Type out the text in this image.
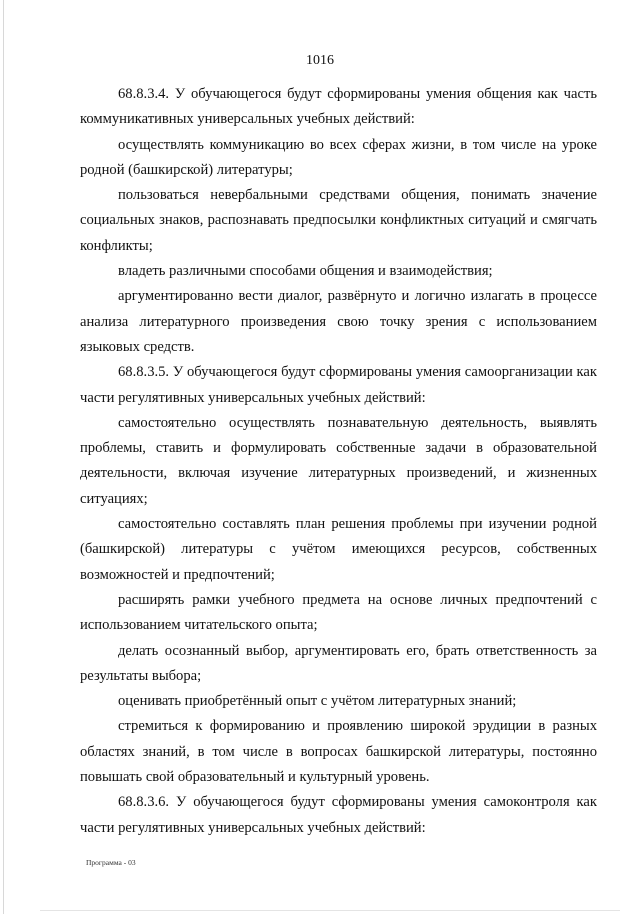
1016

68.8.3.4. У обучающегося будут сформированы умения общения как часть коммуникативных универсальных учебных действий:

осуществлять коммуникацию во всех сферах жизни, в том числе на уроке родной (башкирской) литературы;

пользоваться невербальными средствами общения, понимать значение социальных знаков, распознавать предпосылки конфликтных ситуаций и смягчать конфликты;

владеть различными способами общения и взаимодействия;

аргументированно вести диалог, развёрнуто и логично излагать в процессе анализа литературного произведения свою точку зрения с использованием языковых средств.

68.8.3.5. У обучающегося будут сформированы умения самоорганизации как части регулятивных универсальных учебных действий:

самостоятельно осуществлять познавательную деятельность, выявлять проблемы, ставить и формулировать собственные задачи в образовательной деятельности, включая изучение литературных произведений, и жизненных ситуациях;

самостоятельно составлять план решения проблемы при изучении родной (башкирской) литературы с учётом имеющихся ресурсов, собственных возможностей и предпочтений;

расширять рамки учебного предмета на основе личных предпочтений с использованием читательского опыта;

делать осознанный выбор, аргументировать его, брать ответственность за результаты выбора;

оценивать приобретённый опыт с учётом литературных знаний;

стремиться к формированию и проявлению широкой эрудиции в разных областях знаний, в том числе в вопросах башкирской литературы, постоянно повышать свой образовательный и культурный уровень.

68.8.3.6. У обучающегося будут сформированы умения самоконтроля как части регулятивных универсальных учебных действий:

Программа - 03
